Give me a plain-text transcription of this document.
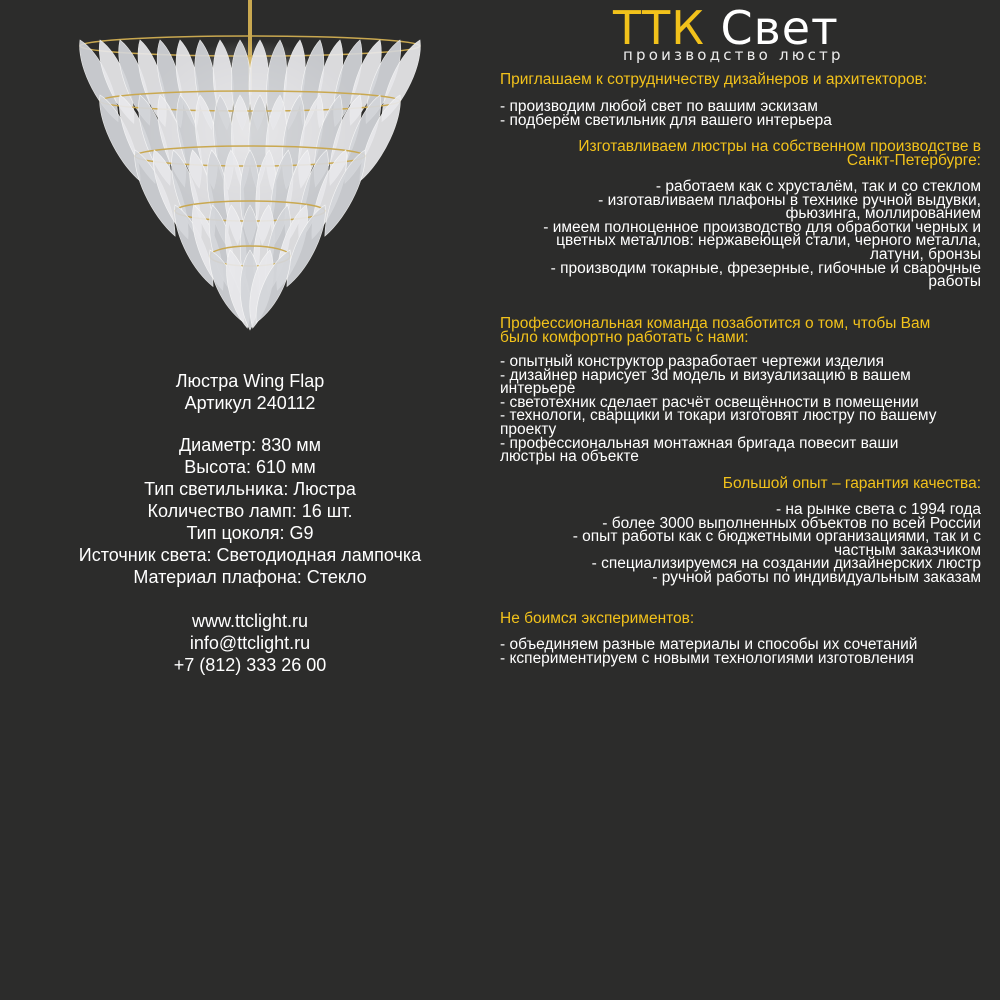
ТТК Свет
производство люстр
Люстра Wing Flap
Артикул 240112
Диаметр: 830 мм
Высота: 610 мм
Тип светильника: Люстра
Количество ламп: 16 шт.
Тип цоколя: G9
Источник света: Светодиодная лампочка
Материал плафона: Стекло
www.ttclight.ru
info@ttclight.ru
+7 (812) 333 26 00
Приглашаем к сотрудничеству дизайнеров и архитекторов:
- производим любой свет по вашим эскизам
- подберём светильник для вашего интерьера
Изготавливаем люстры на собственном производстве в
Санкт-Петербурге:
- работаем как с хрусталём, так и со стеклом
- изготавливаем плафоны в технике ручной выдувки,
фьюзинга, моллированием
- имеем полноценное производство для обработки черных и
цветных металлов: нержавеющей стали, черного металла,
латуни, бронзы
- производим токарные, фрезерные, гибочные и сварочные
работы
Профессиональная команда позаботится о том, чтобы Вам
было комфортно работать с нами:
- опытный конструктор разработает чертежи изделия
- дизайнер нарисует 3d модель и визуализацию в вашем
интерьере
- светотехник сделает расчёт освещённости в помещении
- технологи, сварщики и токари изготовят люстру по вашему
проекту
- профессиональная монтажная бригада повесит ваши
люстры на объекте
Большой опыт – гарантия качества:
- на рынке света с 1994 года
- более 3000 выполненных объектов по всей России
- опыт работы как с бюджетными организациями, так и с
частным заказчиком
- специализируемся на создании дизайнерских люстр
- ручной работы по индивидуальным заказам
Не боимся экспериментов:
- объединяем разные материалы и способы их сочетаний
- кспериментируем с новыми технологиями изготовления
